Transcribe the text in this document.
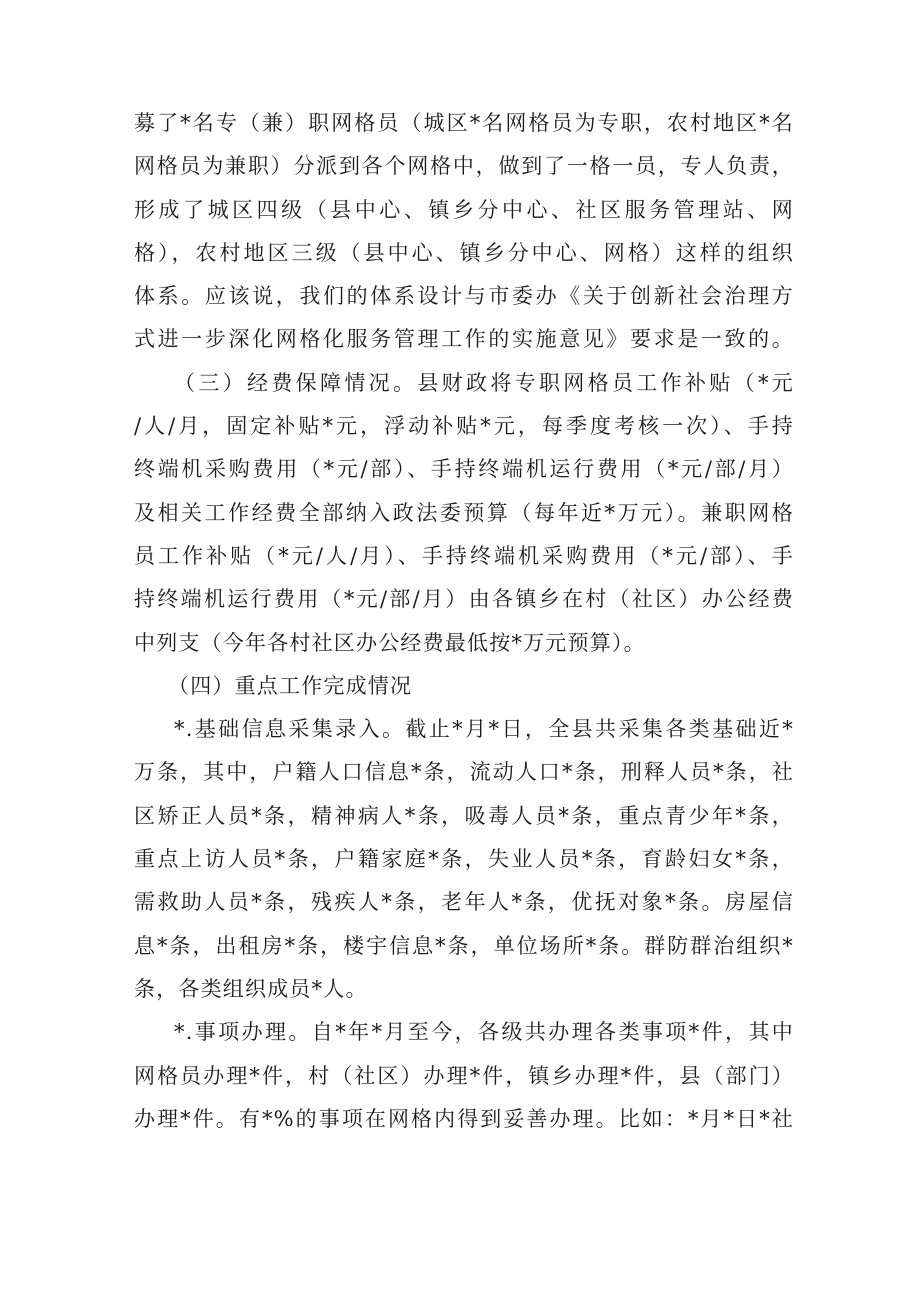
募了*名专（兼）职网格员（城区*名网格员为专职，农村地区*名
网格员为兼职）分派到各个网格中，做到了一格一员，专人负责，
形成了城区四级（县中心、镇乡分中心、社区服务管理站、网
格），农村地区三级（县中心、镇乡分中心、网格）这样的组织
体系。应该说，我们的体系设计与市委办《关于创新社会治理方
式进一步深化网格化服务管理工作的实施意见》要求是一致的。
（三）经费保障情况。县财政将专职网格员工作补贴（*元
/人/月，固定补贴*元，浮动补贴*元，每季度考核一次）、手持
终端机采购费用（*元/部）、手持终端机运行费用（*元/部/月）
及相关工作经费全部纳入政法委预算（每年近*万元）。兼职网格
员工作补贴（*元/人/月）、手持终端机采购费用（*元/部）、手
持终端机运行费用（*元/部/月）由各镇乡在村（社区）办公经费
中列支（今年各村社区办公经费最低按*万元预算）。
（四）重点工作完成情况
*.基础信息采集录入。截止*月*日，全县共采集各类基础近*
万条，其中，户籍人口信息*条，流动人口*条，刑释人员*条，社
区矫正人员*条，精神病人*条，吸毒人员*条，重点青少年*条，
重点上访人员*条，户籍家庭*条，失业人员*条，育龄妇女*条，
需救助人员*条，残疾人*条，老年人*条，优抚对象*条。房屋信
息*条，出租房*条，楼宇信息*条，单位场所*条。群防群治组织*
条，各类组织成员*人。
*.事项办理。自*年*月至今，各级共办理各类事项*件，其中
网格员办理*件，村（社区）办理*件，镇乡办理*件，县（部门）
办理*件。有*%的事项在网格内得到妥善办理。比如：*月*日*社
